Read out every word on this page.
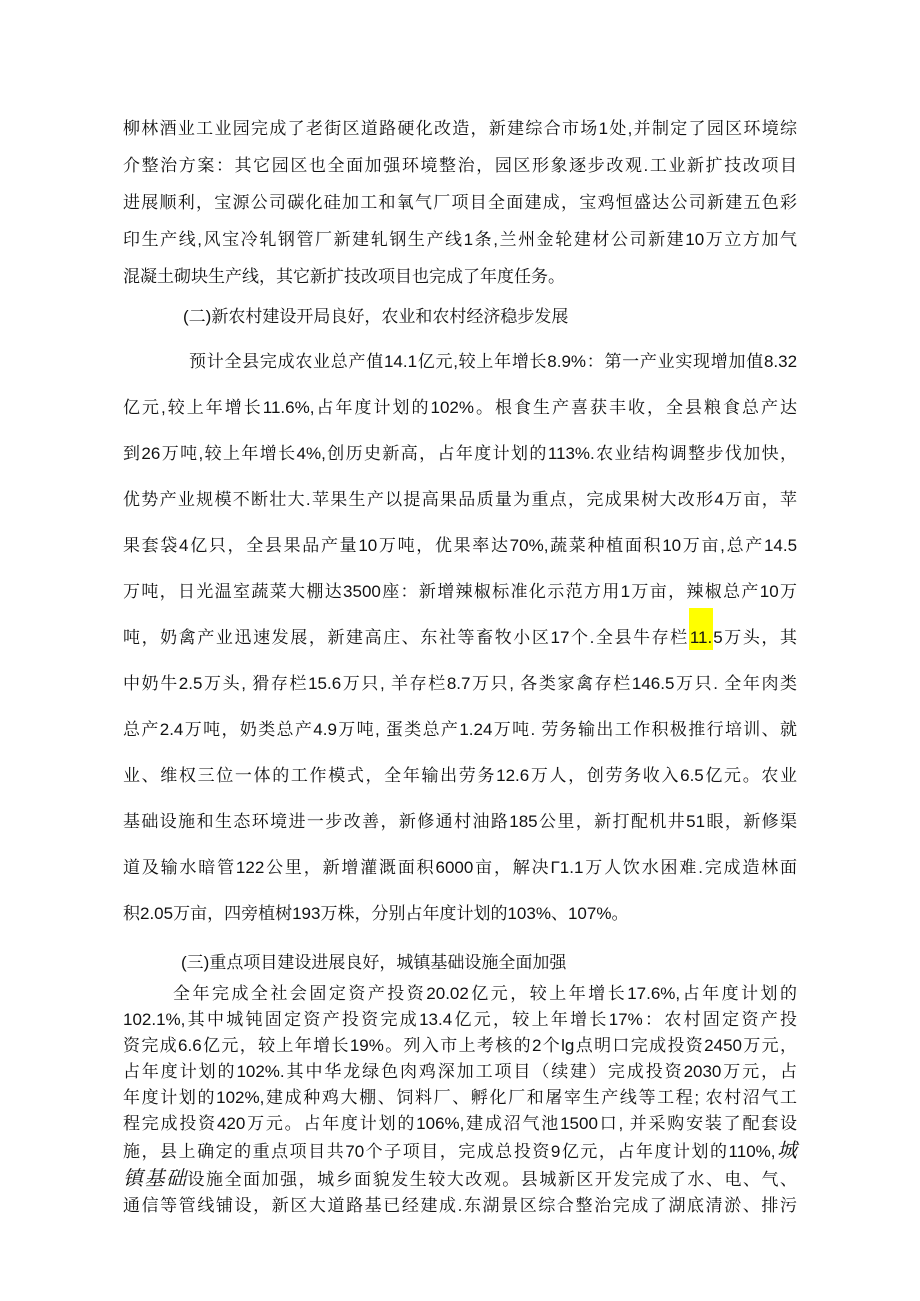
柳林酒业工业园完成了老街区道路硬化改造，新建综合市场1处,并制定了园区环境综
介整治方案：其它园区也全面加强环境整治，园区形象逐步改观.工业新扩技改项目
进展顺利，宝源公司碳化硅加工和氧气厂项目全面建成，宝鸡恒盛达公司新建五色彩
印生产线,风宝冷轧钢管厂新建轧钢生产线1条,兰州金轮建材公司新建10万立方加气
混凝土砌块生产线，其它新扩技改项目也完成了年度任务。
(二)新农村建设开局良好，农业和农村经济稳步发展
预计全县完成农业总产值14.1亿元,较上年增长8.9%：第一产业实现增加值8.32
亿元,较上年增长11.6%,占年度计划的102%。根食生产喜获丰收，全县粮食总产达
到26万吨,较上年增长4%,创历史新高，占年度计划的113%.农业结构调整步伐加快，
优势产业规模不断壮大.苹果生产以提高果品质量为重点，完成果树大改形4万亩，苹
果套袋4亿只，全县果品产量10万吨，优果率达70%,蔬菜种植面积10万亩,总产14.5
万吨，日光温室蔬菜大棚达3500座：新增辣椒标准化示范方用1万亩，辣椒总产10万
吨，奶禽产业迅速发展，新建高庄、东社等畜牧小区17个.全县牛存栏11.5万头，其
中奶牛2.5万头, 猾存栏15.6万只, 羊存栏8.7万只, 各类家禽存栏146.5万只. 全年肉类
总产2.4万吨，奶类总产4.9万吨, 蛋类总产1.24万吨. 劳务输出工作积极推行培训、就
业、维权三位一体的工作模式，全年输出劳务12.6万人，创劳务收入6.5亿元。农业
基础设施和生态环境进一步改善，新修通村油路185公里，新打配机井51眼，新修渠
道及输水暗管122公里，新增灌溉面积6000亩，解决Γ1.1万人饮水困难.完成造林面
积2.05万亩，四旁植树193万株，分别占年度计划的103%、107%。
(三)重点项目建设进展良好，城镇基础设施全面加强
全年完成全社会固定资产投资20.02亿元，较上年增长17.6%,占年度计划的
102.1%,其中城钝固定资产投资完成13.4亿元，较上年增长17%：农村固定资产投
资完成6.6亿元，较上年增长19%。列入市上考核的2个lg点明口完成投资2450万元，
占年度计划的102%.其中华龙绿色肉鸡深加工项目（续建）完成投资2030万元，占
年度计划的102%,建成种鸡大棚、饲料厂、孵化厂和屠宰生产线等工程; 农村沼气工
程完成投资420万元。占年度计划的106%,建成沼气池1500口, 并采购安装了配套设
施，县上确定的重点项目共70个子项目，完成总投资9亿元，占年度计划的110%,城
镇基础设施全面加强，城乡面貌发生较大改观。县城新区开发完成了水、电、气、
通信等管线铺设，新区大道路基已经建成.东湖景区综合整治完成了湖底清淤、排污
